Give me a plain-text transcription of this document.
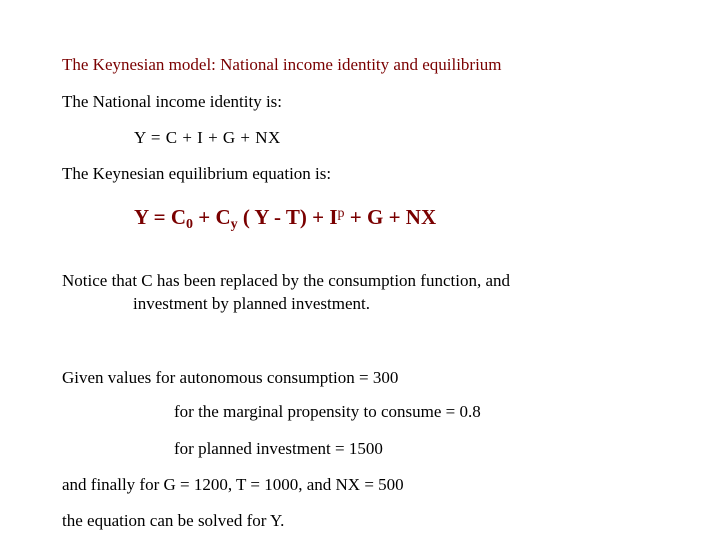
The Keynesian model: National income identity and equilibrium
The National income identity is:
Y = C + I + G + NX
The Keynesian equilibrium equation is:
$Y = C_0 + C_y$ ( $Y - T) + I^p + G$ + NX
Notice that C has been replaced by the consumption function, and
investment by planned investment.
Given values for autonomous consumption = 300
for the marginal propensity to consume = 0.8
for planned investment = 1500
and finally for G = 1200, T = 1000, and NX = 500
the equation can be solved for Y.
